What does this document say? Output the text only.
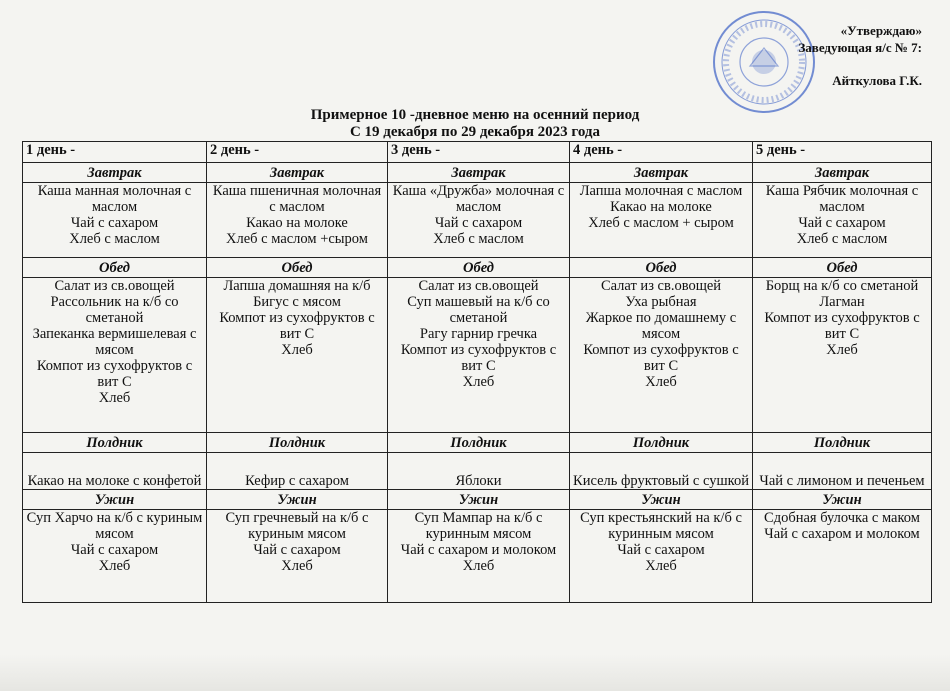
«Утверждаю»
Заведующая я/с № 7:
Айткулова Г.К.
Примерное 10 -дневное меню на осенний период
С 19 декабря по 29 декабря 2023 года
1 день -	2 день -	3 день -	4 день -	5 день -
Завтрак	Завтрак	Завтрак	Завтрак	Завтрак

Каша манная молочная с маслом
Чай с сахаром
Хлеб с маслом	Каша пшеничная молочная с маслом
Какао на молоке
Хлеб с маслом +сыром	Каша «Дружба» молочная с маслом
Чай с сахаром
Хлеб с маслом	Лапша молочная с маслом
Какао на молоке
Хлеб с маслом + сыром	Каша Рябчик молочная с маслом
Чай с сахаром
Хлеб с маслом

Обед	Обед	Обед	Обед	Обед

Салат из св.овощей
Рассольник на к/б со сметаной
Запеканка вермишелевая с мясом
Компот из сухофруктов с вит С
Хлеб	Лапша домашняя на к/б
Бигус с мясом
Компот из сухофруктов с вит С
Хлеб	Салат из св.овощей
Суп машевый на к/б со сметаной
Рагу гарнир гречка
Компот из сухофруктов с вит С
Хлеб	Салат из св.овощей
Уха рыбная
Жаркое по домашнему с мясом
Компот из сухофруктов с вит С
Хлеб	Борщ на к/б со сметаной
Лагман
Компот из сухофруктов с вит С
Хлеб

Полдник	Полдник	Полдник	Полдник	Полдник

Какао на молоке с конфетой	Кефир с сахаром	Яблоки	Кисель фруктовый с сушкой	Чай с лимоном и печеньем

Ужин	Ужин	Ужин	Ужин	Ужин

Суп Харчо на к/б с куриным мясом
Чай с сахаром
Хлеб	Суп гречневый на к/б с куриным мясом
Чай с сахаром
Хлеб	Суп Мампар на к/б с куринным мясом
Чай с сахаром и молоком
Хлеб	Суп крестьянский на к/б с куринным мясом
Чай с сахаром
Хлеб	Сдобная булочка с маком
Чай с сахаром и молоком
